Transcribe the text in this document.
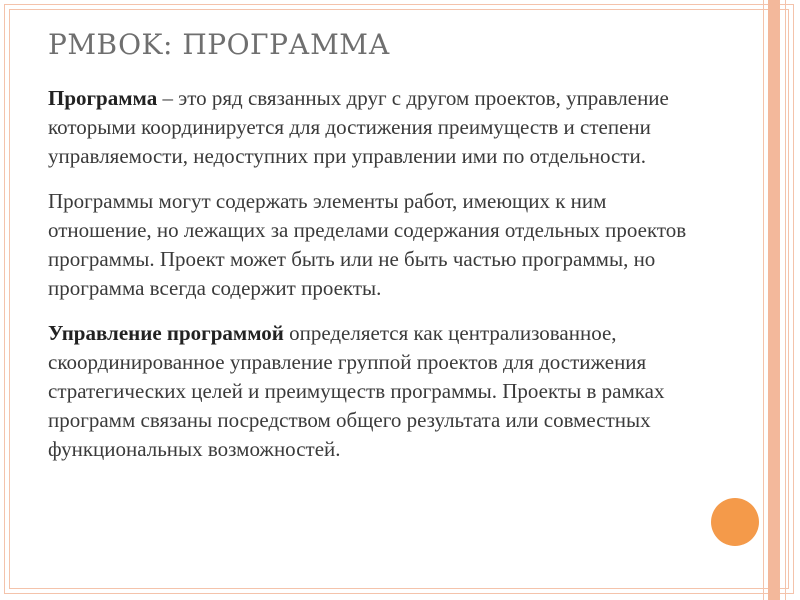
PMBOK: ПРОГРАММА

Программа – это ряд связанных друг с другом проектов, управление которыми координируется для достижения преимуществ и степени управляемости, недоступних при управлении ими по отдельности.

Программы могут содержать элементы работ, имеющих к ним отношение, но лежащих за пределами содержания отдельных проектов программы. Проект может быть или не быть частью программы, но программа всегда содержит проекты.

Управление программой определяется как централизованное, скоординированное управление группой проектов для достижения стратегических целей и преимуществ программы. Проекты в рамках программ связаны посредством общего результата или совместных функциональных возможностей.
